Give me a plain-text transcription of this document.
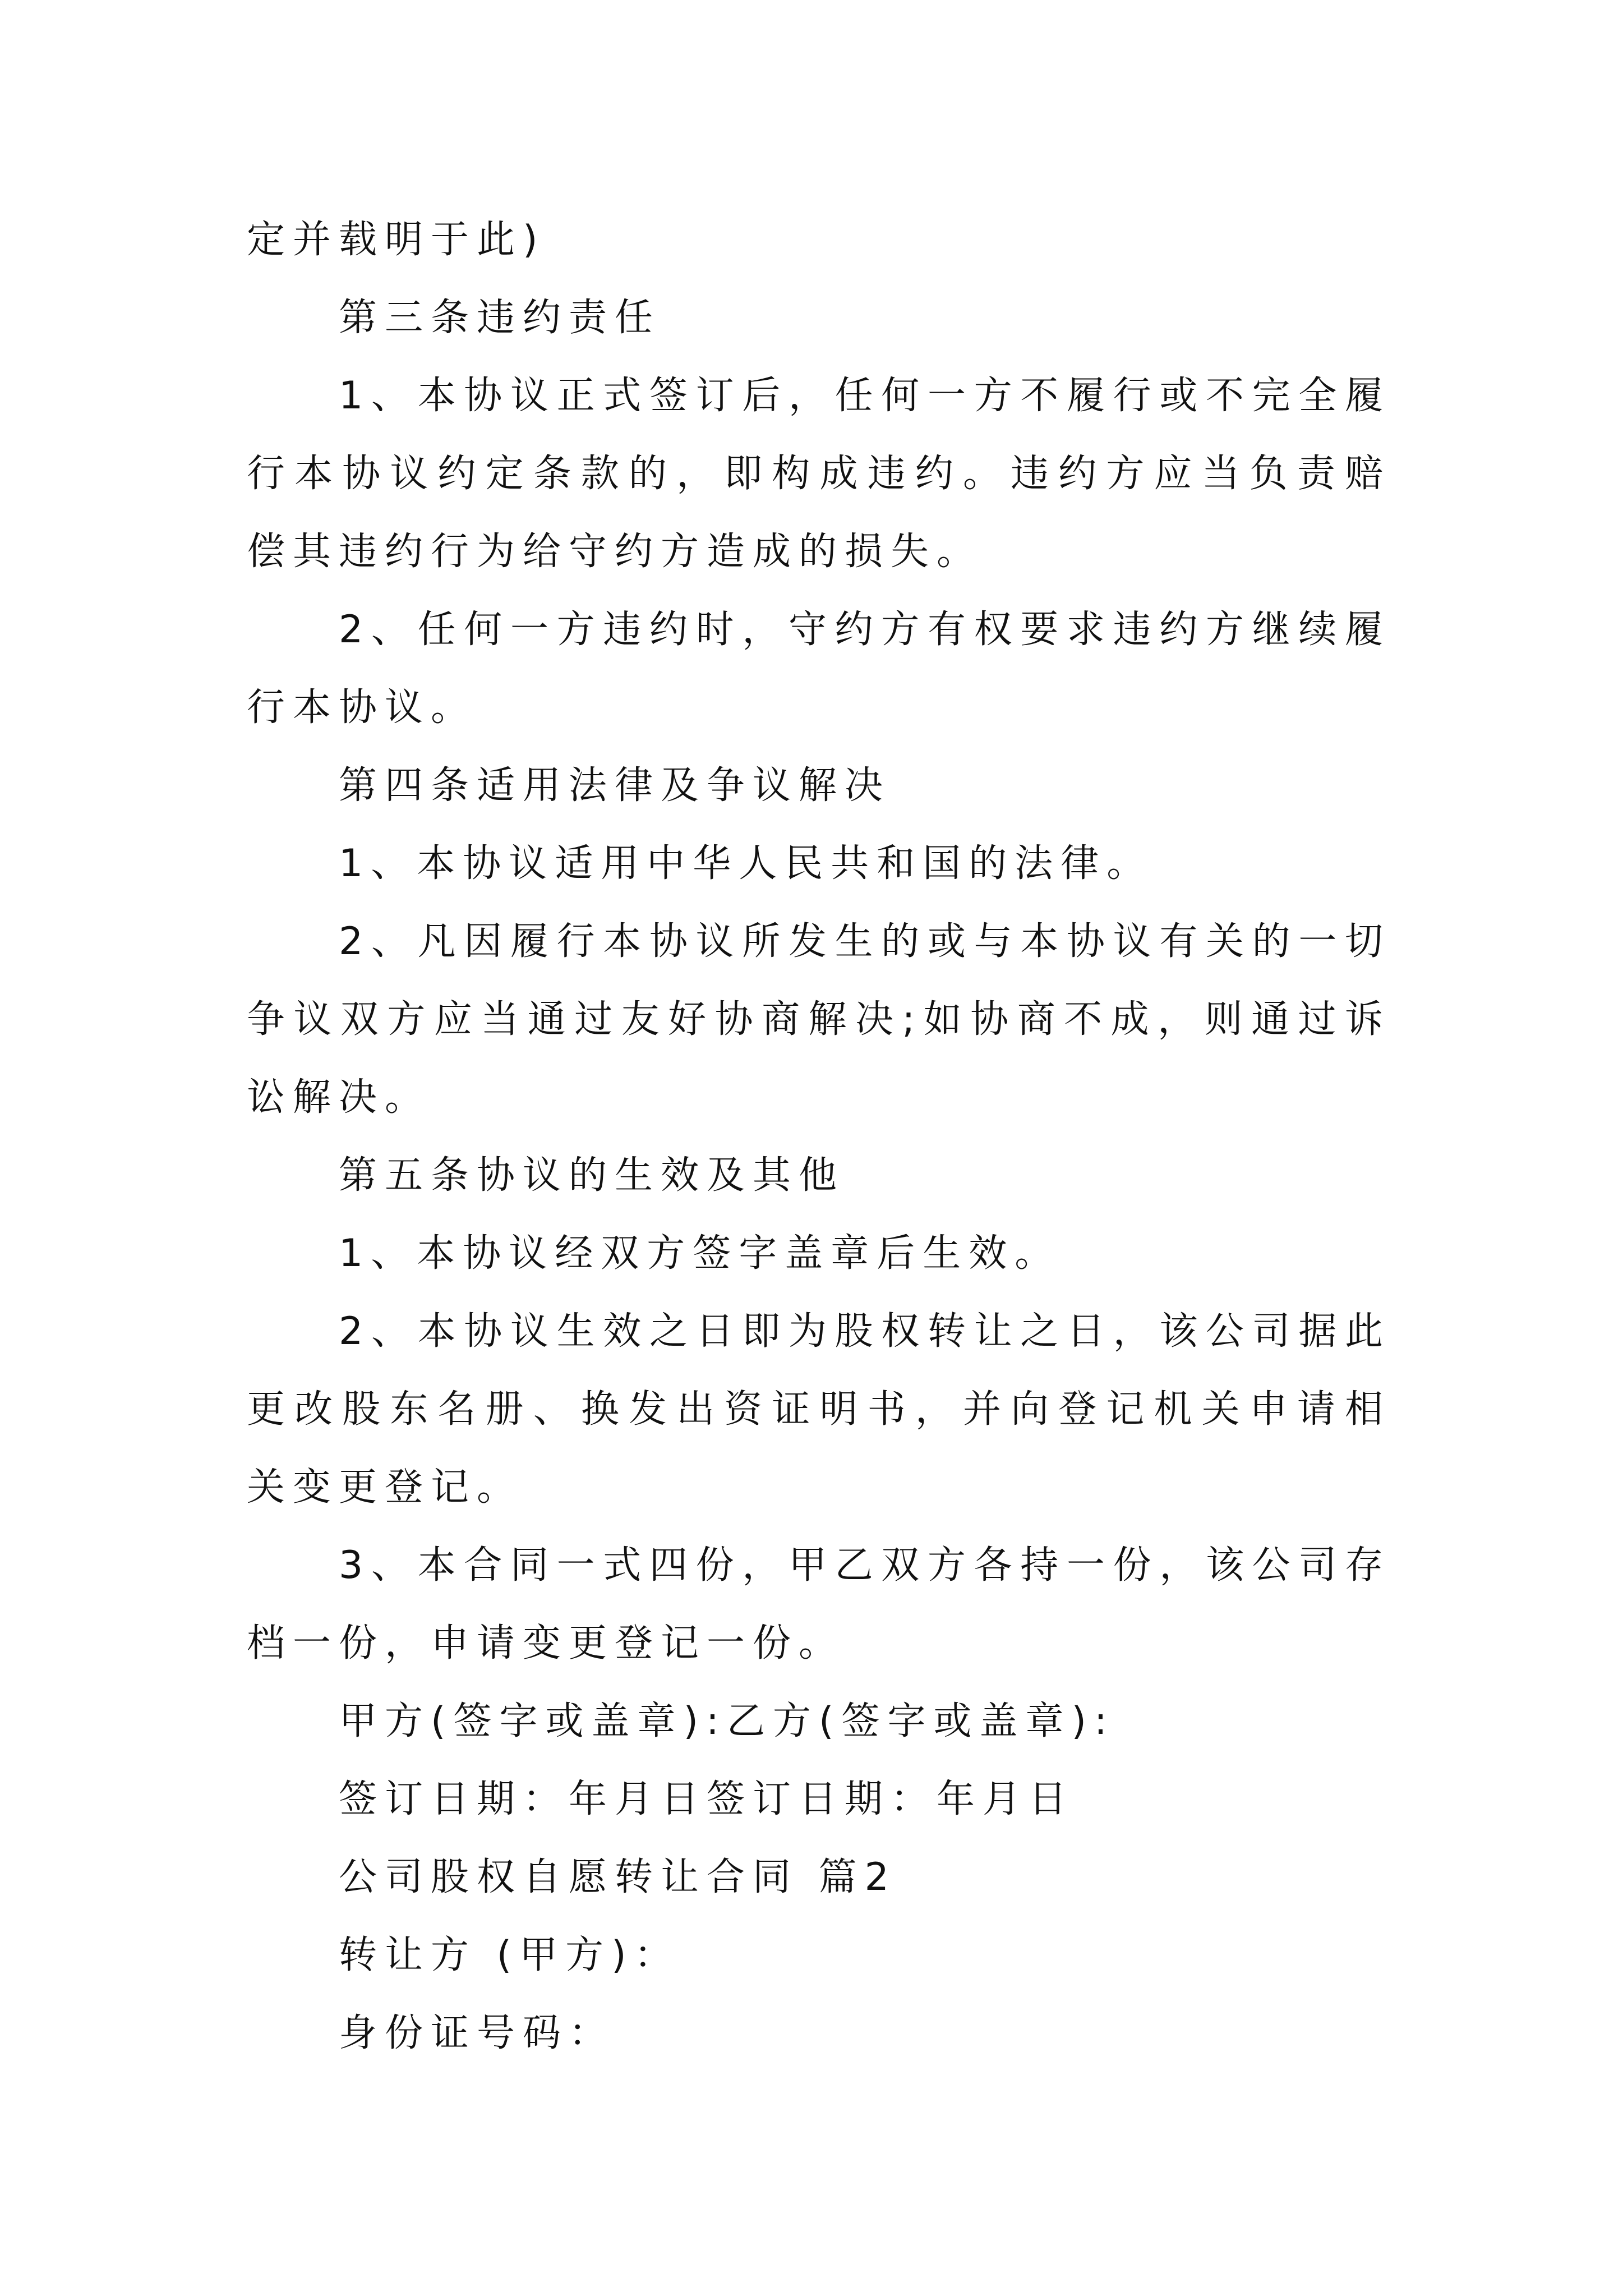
定并载明于此)

第三条违约责任

1、本协议正式签订后，任何一方不履行或不完全履行本协议约定条款的，即构成违约。违约方应当负责赔偿其违约行为给守约方造成的损失。

2、任何一方违约时，守约方有权要求违约方继续履行本协议。

第四条适用法律及争议解决

1、本协议适用中华人民共和国的法律。

2、凡因履行本协议所发生的或与本协议有关的一切争议双方应当通过友好协商解决;如协商不成，则通过诉讼解决。

第五条协议的生效及其他

1、本协议经双方签字盖章后生效。

2、本协议生效之日即为股权转让之日，该公司据此更改股东名册、换发出资证明书，并向登记机关申请相关变更登记。

3、本合同一式四份，甲乙双方各持一份，该公司存档一份，申请变更登记一份。

甲方(签字或盖章):乙方(签字或盖章):

签订日期：年月日签订日期：年月日

公司股权自愿转让合同 篇2

转让方 (甲方)：

身份证号码：
